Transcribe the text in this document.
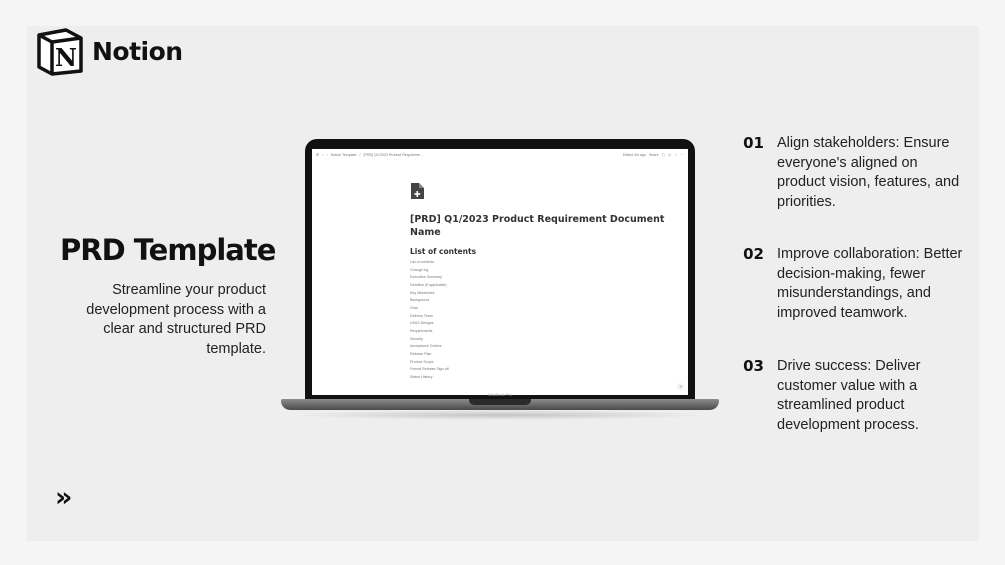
N Notion
PRD Template

Streamline your product development process with a clear and structured PRD template.

»
☰ ‹ › Notion Template / [PRD] Q1/2023 Product Requireme...	Edited 3m ago Share ▢ ◷ ☆ ···
[PRD] Q1/2023 Product Requirement Document Name
List of contents
List of contents
Change log
Executive Summary
Deadline (if applicable)
Key Milestones
Background
Goal
Delivery Team
UI/UX Designs
Requirements
Security
Acceptance Criteria
Release Plan
Product Scope
Formal Release Sign-off
Status History
?
MacBook Pro
01 Align stakeholders: Ensure everyone's aligned on product vision, features, and priorities.
02 Improve collaboration: Better decision-making, fewer misunderstandings, and improved teamwork.
03 Drive success: Deliver customer value with a streamlined product development process.
